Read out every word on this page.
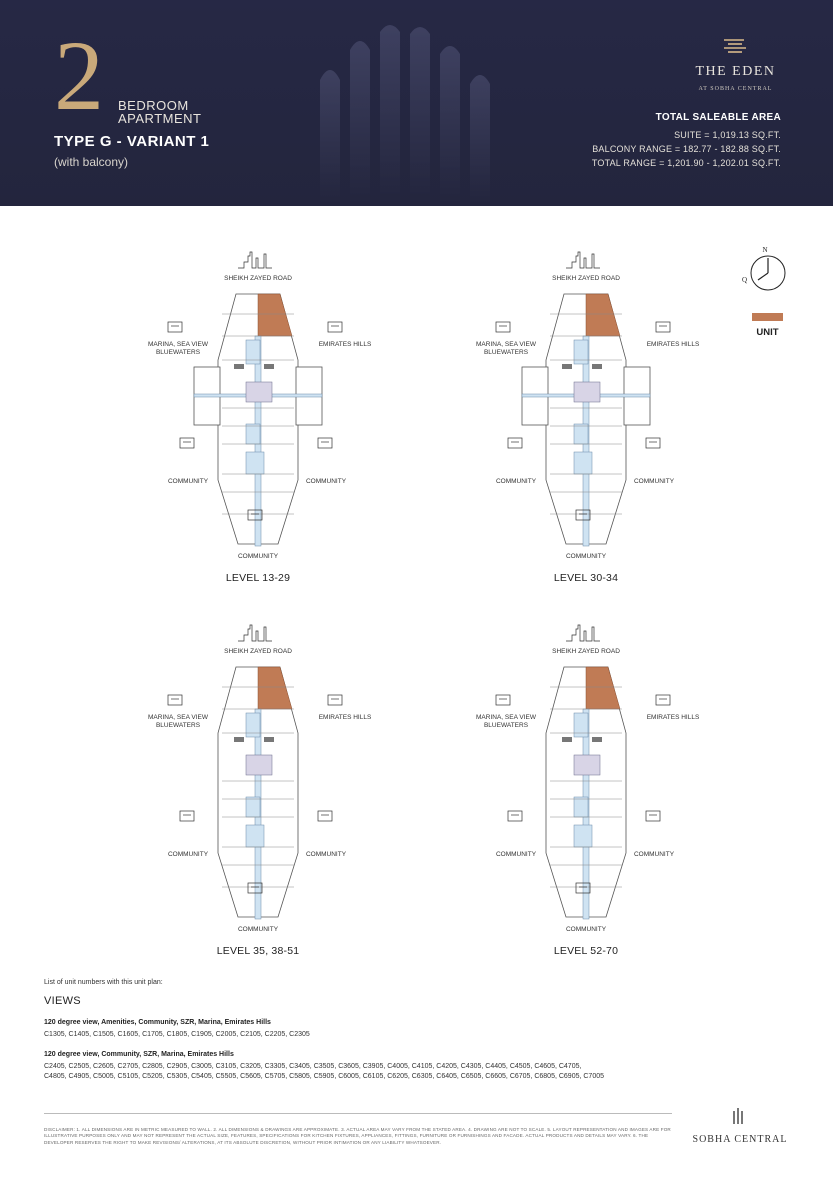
2 BEDROOM
APARTMENT
TYPE G - VARIANT 1
(with balcony)
THE EDEN
AT SOBHA CENTRAL
TOTAL SALEABLE AREA
SUITE = 1,019.13 SQ.FT.
BALCONY RANGE = 182.77 - 182.88 SQ.FT.
TOTAL RANGE = 1,201.90 - 1,202.01 SQ.FT.
SHEIKH ZAYED ROAD
MARINA, SEA VIEW
BLUEWATERS
EMIRATES HILLS
COMMUNITY	COMMUNITY
COMMUNITY
LEVEL 13-29
SHEIKH ZAYED ROAD
MARINA, SEA VIEW
BLUEWATERS
EMIRATES HILLS
COMMUNITY	COMMUNITY
COMMUNITY
LEVEL 30-34
SHEIKH ZAYED ROAD
MARINA, SEA VIEW
BLUEWATERS
EMIRATES HILLS
COMMUNITY	COMMUNITY
COMMUNITY
LEVEL 35, 38-51
SHEIKH ZAYED ROAD
MARINA, SEA VIEW
BLUEWATERS
EMIRATES HILLS
COMMUNITY	COMMUNITY
COMMUNITY
LEVEL 52-70
N
Q
UNIT
List of unit numbers with this unit plan:
VIEWS
120 degree view, Amenities, Community, SZR, Marina, Emirates Hills
C1305, C1405, C1505, C1605, C1705, C1805, C1905, C2005, C2105, C2205, C2305
120 degree view, Community, SZR, Marina, Emirates Hills
C2405, C2505, C2605, C2705, C2805, C2905, C3005, C3105, C3205, C3305, C3405, C3505, C3605, C3905, C4005, C4105, C4205, C4305, C4405, C4505, C4605, C4705, C4805, C4905, C5005, C5105, C5205, C5305, C5405, C5505, C5605, C5705, C5805, C5905, C6005, C6105, C6205, C6305, C6405, C6505, C6605, C6705, C6805, C6905, C7005
DISCLAIMER: 1. ALL DIMENSIONS ARE IN METRIC MEASURED TO WALL. 2. ALL DIMENSIONS & DRAWINGS ARE APPROXIMATE. 3. ACTUAL AREA MAY VARY FROM THE STATED AREA. 4. DRAWING ARE NOT TO SCALE. 5. LAYOUT REPRESENTATION AND IMAGES ARE FOR ILLUSTRATIVE PURPOSES ONLY AND MAY NOT REPRESENT THE ACTUAL SIZE, FEATURES, SPECIFICATIONS FOR KITCHEN FIXTURES, APPLIANCES, FITTINGS, FURNITURE OR FURNISHINGS AND FACADE. ACTUAL PRODUCTS AND DETAILS MAY VARY. 6. THE DEVELOPER RESERVES THE RIGHT TO MAKE REVISIONS/ ALTERATIONS, AT ITS ABSOLUTE DISCRETION, WITHOUT PRIOR INTIMATION OR ANY LIABILITY WHATSOEVER.	SOBHA CENTRAL
